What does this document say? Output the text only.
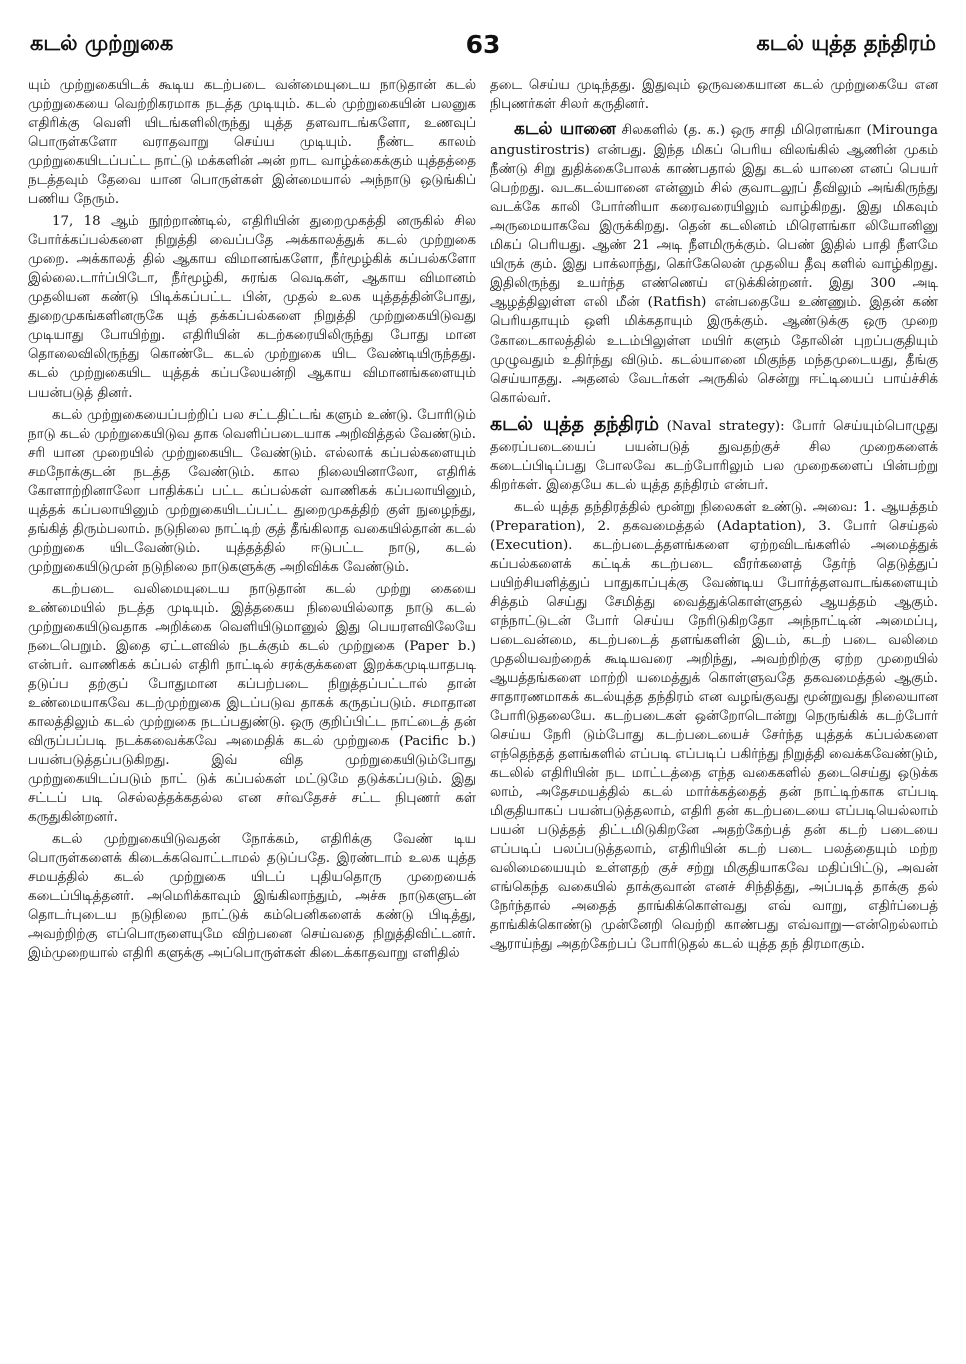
கடல் முற்றுகை	63	கடல் யுத்த தந்திரம்

யும் முற்றுகையிடக் கூடிய கடற்படை வன்மையுடைய நாடுதான் கடல் முற்றுகையை வெற்றிகரமாக நடத்த முடியும். கடல் முற்றுகையின் பலனுக எதிரிக்கு வெளி யிடங்களிலிருந்து யுத்த தளவாடங்களோ, உணவுப் பொருள்களோ வராதவாறு செய்ய முடியும். நீண்ட காலம் முற்றுகையிடப்பட்ட நாட்டு மக்களின் அன் றாட வாழ்க்கைக்கும் யுத்தத்தை நடத்தவும் தேவை யான பொருள்கள் இன்மையால் அந்நாடு ஒடுங்கிப் பணிய நேரும்.

17, 18 ஆம் நூற்றாண்டில், எதிரியின் துறைமுகத்தி னருகில் சில போர்க்கப்பல்களை நிறுத்தி வைப்பதே அக்காலத்துக் கடல் முற்றுகை முறை. அக்காலத் தில் ஆகாய விமானங்களோ, நீர்மூழ்கிக் கப்பல்களோ இல்லை.டார்ப்பிடோ, நீர்மூழ்கி, சுரங்க வெடிகள், ஆகாய விமானம் முதலியன கண்டு பிடிக்கப்பட்ட பின், முதல் உலக யுத்தத்தின்போது, துறைமுகங்களினருகே யுத் தக்கப்பல்களை நிறுத்தி முற்றுகையிடுவது முடியாது போயிற்று. எதிரியின் கடற்கரையிலிருந்து போது மான தொலைவிலிருந்து கொண்டே கடல் முற்றுகை யிட வேண்டியிருந்தது. கடல் முற்றுகையிட யுத்தக் கப்பலேயன்றி ஆகாய விமானங்களையும் பயன்படுத் தினர்.

கடல் முற்றுகையைப்பற்றிப் பல சட்டதிட்டங் களும் உண்டு. போரிடும் நாடு கடல் முற்றுகையிடுவ தாக வெளிப்படையாக அறிவித்தல் வேண்டும். சரி யான முறையில் முற்றுகையிட வேண்டும். எல்லாக் கப்பல்களையும் சமநோக்குடன் நடத்த வேண்டும். கால நிலையினாலோ, எதிரிக் கோளாற்றினாலோ பாதிக்கப் பட்ட கப்பல்கள் வாணிகக் கப்பலாயினும், யுத்தக் கப்பலாயினும் முற்றுகையிடப்பட்ட துறைமுகத்திற் குள் நுழைந்து, தங்கித் திரும்பலாம். நடுநிலை நாட்டிற் குத் தீங்கிலாத வகையில்தான் கடல் முற்றுகை யிடவேண்டும். யுத்தத்தில் ஈடுபட்ட நாடு, கடல் முற்றுகையிடுமுன் நடுநிலை நாடுகளுக்கு அறிவிக்க வேண்டும்.

கடற்படை வலிமையுடைய நாடுதான் கடல் முற்று கையை உண்மையில் நடத்த முடியும். இத்தகைய நிலையில்லாத நாடு கடல் முற்றுகையிடுவதாக அறிக்கை வெளியிடுமானுல் இது பெயரளவிலேயே நடைபெறும். இதை ஏட்டளவில் நடக்கும் கடல் முற்றுகை (Paper b.) என்பர். வாணிகக் கப்பல் எதிரி நாட்டில் சரக்குக்களை இறக்கமுடியாதபடி தடுப்ப தற்குப் போதுமான கப்பற்படை நிறுத்தப்பட்டால் தான் உண்மையாகவே கடற்முற்றுகை இடப்படுவ தாகக் கருதப்படும். சமாதான காலத்திலும் கடல் முற்றுகை நடப்பதுண்டு. ஒரு குறிப்பிட்ட நாட்டைத் தன் விருப்பப்படி நடக்கவைக்கவே அமைதிக் கடல் முற்றுகை (Pacific b.) பயன்படுத்தப்படுகிறது. இவ் வித முற்றுகையிடும்போது முற்றுகையிடப்படும் நாட் டுக் கப்பல்கள் மட்டுமே தடுக்கப்படும். இது சட்டப் படி செல்லத்தக்கதல்ல என சர்வதேசச் சட்ட நிபுணர் கள் கருதுகின்றனர்.

கடல் முற்றுகையிடுவதன் நோக்கம், எதிரிக்கு வேண் டிய பொருள்களைக் கிடைக்கவொட்டாமல் தடுப்பதே. இரண்டாம் உலக யுத்த சமயத்தில் கடல் முற்றுகை யிடப் புதியதொரு முறையைக் கடைப்பிடித்தனர். அமெரிக்காவும் இங்கிலாந்தும், அச்சு நாடுகளுடன் தொடர்புடைய நடுநிலை நாட்டுக் கம்பெனிகளைக் கண்டு பிடித்து, அவற்றிற்கு எப்பொருளையுமே விற்பனை செய்வதை நிறுத்திவிட்டனர். இம்முறையால் எதிரி களுக்கு அப்பொருள்கள் கிடைக்காதவாறு எளிதில்

தடை செய்ய முடிந்தது. இதுவும் ஒருவகையான கடல் முற்றுகையே என நிபுணர்கள் சிலர் கருதினர்.

கடல் யானை சிலகளில் (த. க.) ஒரு சாதி மிரௌங்கா (Mirounga angustirostris) என்பது. இந்த மிகப் பெரிய விலங்கில் ஆணின் முகம் நீண்டு சிறு துதிக்கைபோலக் காண்பதால் இது கடல் யானை எனப் பெயர் பெற்றது. வடகடல்யானை என்னும் சில் குவாடலூப் தீவிலும் அங்கிருந்து வடக்கே காலி போர்னியா கரைவரையிலும் வாழ்கிறது. இது மிகவும் அருமையாகவே இருக்கிறது. தென் கடலினம் மிரௌங்கா லியோனினு மிகப் பெரியது. ஆண் 21 அடி நீளமிருக்கும். பெண் இதில் பாதி நீளமே யிருக் கும். இது பாக்லாந்து, கெர்கேலென் முதலிய தீவு களில் வாழ்கிறது. இதிலிருந்து உயர்ந்த எண்ணெய் எடுக்கின்றனர். இது 300 அடி ஆழத்திலுள்ள எலி மீன் (Ratfish) என்பதையே உண்ணும். இதன் கண் பெரியதாயும் ஒளி மிக்கதாயும் இருக்கும். ஆண்டுக்கு ஒரு முறை கோடைகாலத்தில் உடம்பிலுள்ள மயிர் களும் தோலின் புறப்பகுதியும் முழுவதும் உதிர்ந்து விடும். கடல்யானை மிகுந்த மந்தமுடையது, தீங்கு செய்யாதது. அதனல் வேடர்கள் அருகில் சென்று ஈட்டியைப் பாய்ச்சிக் கொல்வர்.

கடல் யுத்த தந்திரம் (Naval strategy): போர் செய்யும்பொழுது தரைப்படையைப் பயன்படுத் துவதற்குச் சில முறைகளைக் கடைப்பிடிப்பது போலவே கடற்போரிலும் பல முறைகளைப் பின்பற்று கிறர்கள். இதையே கடல் யுத்த தந்திரம் என்பர்.

கடல் யுத்த தந்திரத்தில் மூன்று நிலைகள் உண்டு. அவை: 1. ஆயத்தம் (Preparation), 2. தகவமைத்தல் (Adaptation), 3. போர் செய்தல் (Execution). கடற்படைத்தளங்களை ஏற்றவிடங்களில் அமைத்துக் கப்பல்களைக் கட்டிக் கடற்படை வீரர்களைத் தேர்ந் தெடுத்துப் பயிற்சியளித்துப் பாதுகாப்புக்கு வேண்டிய போர்த்தளவாடங்களையும் சித்தம் செய்து சேமித்து வைத்துக்கொள்ளுதல் ஆயத்தம் ஆகும். எந்நாட்டுடன் போர் செய்ய நேரிடுகிறதோ அந்நாட்டின் அமைப்பு, படைவன்மை, கடற்படைத் தளங்களின் இடம், கடற் படை வலிமை முதலியவற்றைக் கூடியவரை அறிந்து, அவற்றிற்கு ஏற்ற முறையில் ஆயத்தங்களை மாற்றி யமைத்துக் கொள்ளுவதே தகவமைத்தல் ஆகும். சாதாரணமாகக் கடல்யுத்த தந்திரம் என வழங்குவது மூன்றுவது நிலையான போரிடுதலையே. கடற்படைகள் ஒன்றோடொன்று நெருங்கிக் கடற்போர் செய்ய நேரி டும்போது கடற்படையைச் சேர்ந்த யுத்தக் கப்பல்களை எந்தெந்தத் தளங்களில் எப்படி எப்படிப் பகிர்ந்து நிறுத்தி வைக்கவேண்டும், கடலில் எதிரியின் நட மாட்டத்தை எந்த வகைகளில் தடைசெய்து ஒடுக்க லாம், அதேசமயத்தில் கடல் மார்க்கத்தைத் தன் நாட்டிற்காக எப்படி மிகுதியாகப் பயன்படுத்தலாம், எதிரி தன் கடற்படையை எப்படியெல்லாம் பயன் படுத்தத் திட்டமிடுகிறனே அதற்கேற்பத் தன் கடற் படையை எப்படிப் பலப்படுத்தலாம், எதிரியின் கடற் படை பலத்தையும் மற்ற வலிமையையும் உள்ளதற் குச் சற்று மிகுதியாகவே மதிப்பிட்டு, அவன் எங்கெந்த வகையில் தாக்குவான் எனச் சிந்தித்து, அப்படித் தாக்கு தல் நேர்ந்தால் அதைத் தாங்கிக்கொள்வது எவ் வாறு, எதிர்ப்பைத் தாங்கிக்கொண்டு முன்னேறி வெற்றி காண்பது எவ்வாறு—என்றெல்லாம் ஆராய்ந்து அதற்கேற்பப் போரிடுதல் கடல் யுத்த தந் திரமாகும்.
